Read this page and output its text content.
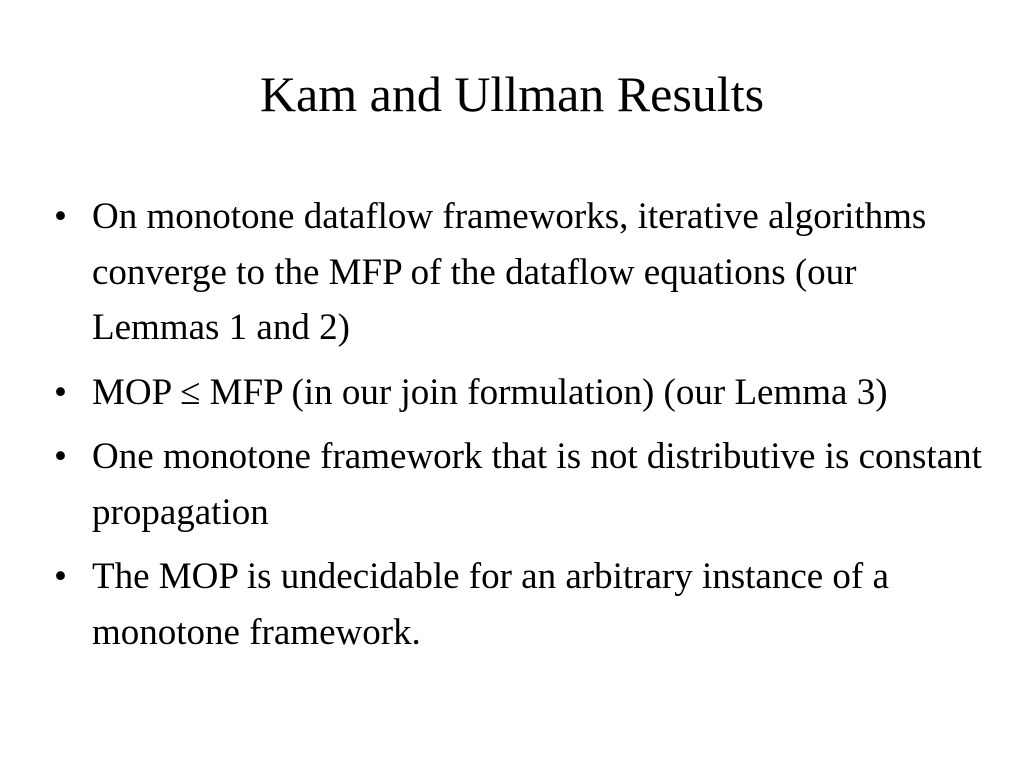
Kam and Ullman Results
• On monotone dataflow frameworks, iterative algorithms converge to the MFP of the dataflow equations (our Lemmas 1 and 2)
• MOP ≤ MFP (in our join formulation) (our Lemma 3)
• One monotone framework that is not distributive is constant propagation
• The MOP is undecidable for an arbitrary instance of a monotone framework.
